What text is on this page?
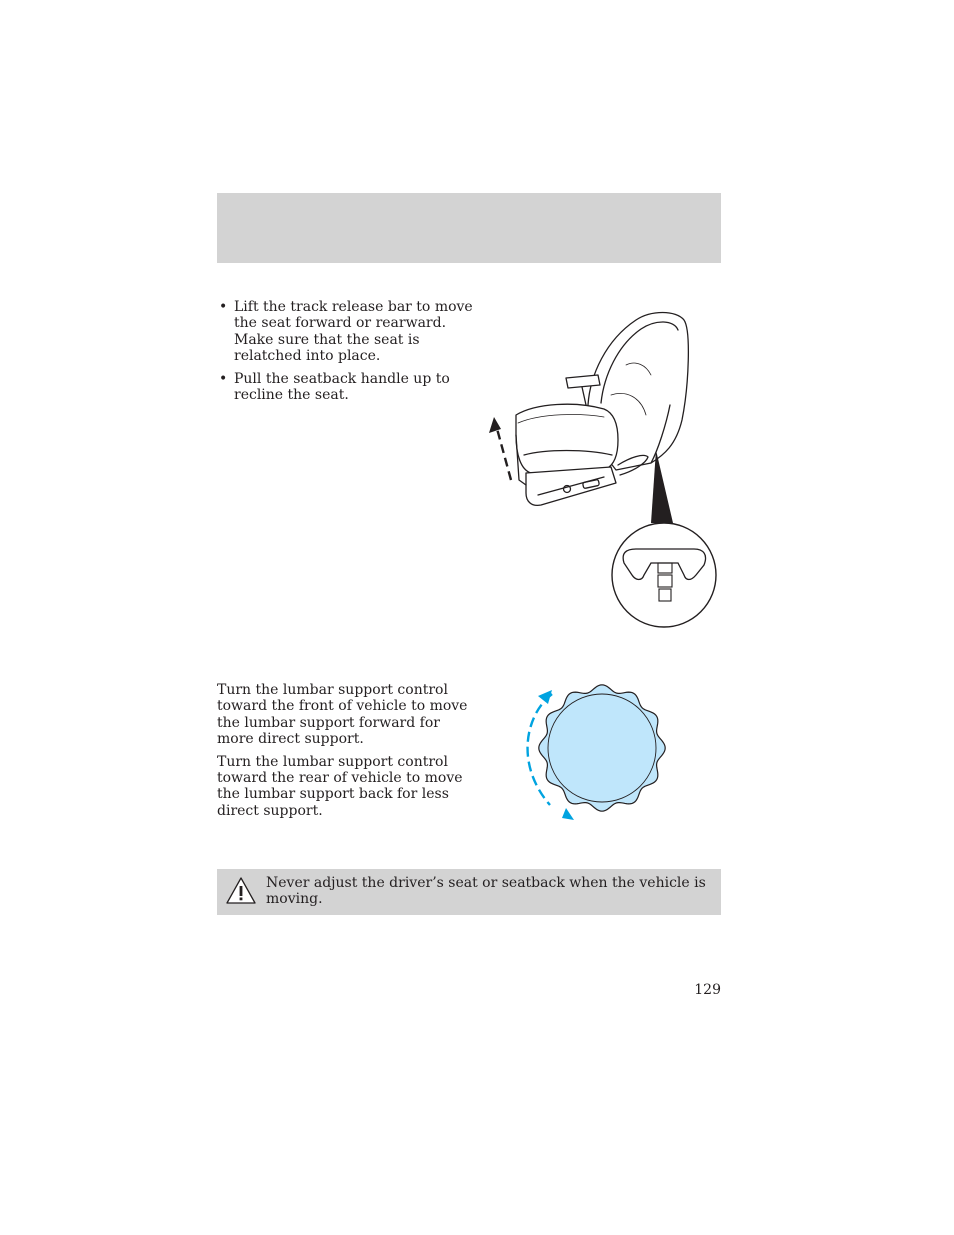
• Lift the track release bar to move the seat forward or rearward. Make sure that the seat is relatched into place.
• Pull the seatback handle up to recline the seat.

Turn the lumbar support control toward the front of vehicle to move the lumbar support forward for more direct support.

Turn the lumbar support control toward the rear of vehicle to move the lumbar support back for less direct support.

Never adjust the driver’s seat or seatback when the vehicle is moving.
129
